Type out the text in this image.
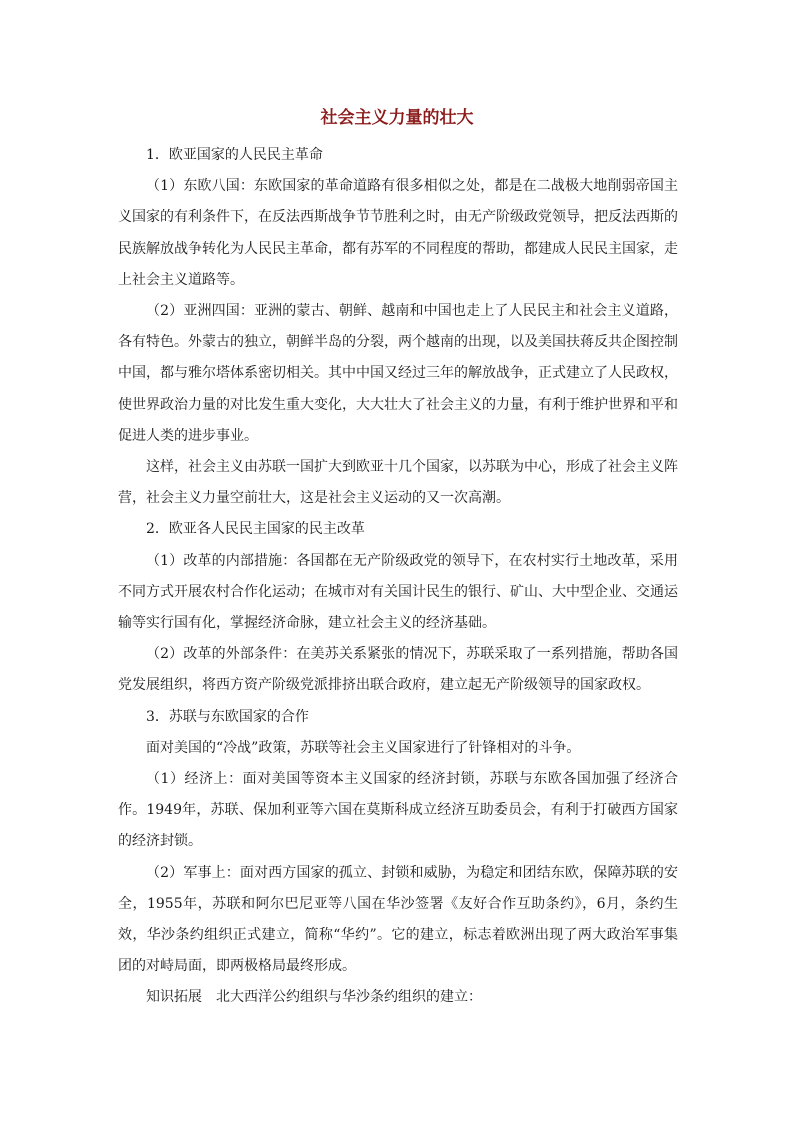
社会主义力量的壮大

1．欧亚国家的人民民主革命

（1）东欧八国：东欧国家的革命道路有很多相似之处，都是在二战极大地削弱帝国主义国家的有利条件下，在反法西斯战争节节胜利之时，由无产阶级政党领导，把反法西斯的民族解放战争转化为人民民主革命，都有苏军的不同程度的帮助，都建成人民民主国家，走上社会主义道路等。

（2）亚洲四国：亚洲的蒙古、朝鲜、越南和中国也走上了人民民主和社会主义道路，各有特色。外蒙古的独立，朝鲜半岛的分裂，两个越南的出现，以及美国扶蒋反共企图控制中国，都与雅尔塔体系密切相关。其中中国又经过三年的解放战争，正式建立了人民政权，使世界政治力量的对比发生重大变化，大大壮大了社会主义的力量，有利于维护世界和平和促进人类的进步事业。

这样，社会主义由苏联一国扩大到欧亚十几个国家，以苏联为中心，形成了社会主义阵营，社会主义力量空前壮大，这是社会主义运动的又一次高潮。

2．欧亚各人民民主国家的民主改革

（1）改革的内部措施：各国都在无产阶级政党的领导下，在农村实行土地改革，采用不同方式开展农村合作化运动；在城市对有关国计民生的银行、矿山、大中型企业、交通运输等实行国有化，掌握经济命脉，建立社会主义的经济基础。

（2）改革的外部条件：在美苏关系紧张的情况下，苏联采取了一系列措施，帮助各国党发展组织，将西方资产阶级党派排挤出联合政府，建立起无产阶级领导的国家政权。

3．苏联与东欧国家的合作

面对美国的“冷战”政策，苏联等社会主义国家进行了针锋相对的斗争。

（1）经济上：面对美国等资本主义国家的经济封锁，苏联与东欧各国加强了经济合作。1949年，苏联、保加利亚等六国在莫斯科成立经济互助委员会，有利于打破西方国家的经济封锁。

（2）军事上：面对西方国家的孤立、封锁和威胁，为稳定和团结东欧，保障苏联的安全，1955年，苏联和阿尔巴尼亚等八国在华沙签署《友好合作互助条约》，6月，条约生效，华沙条约组织正式建立，简称“华约”。它的建立，标志着欧洲出现了两大政治军事集团的对峙局面，即两极格局最终形成。

知识拓展　北大西洋公约组织与华沙条约组织的建立：
